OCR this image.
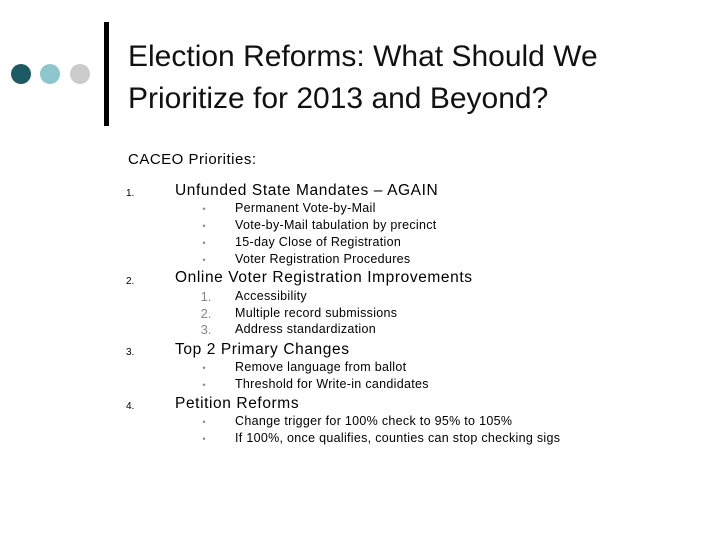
Election Reforms: What Should We Prioritize for 2013 and Beyond?
CACEO Priorities:
1.	Unfunded State Mandates – AGAIN
•	Permanent Vote-by-Mail
•	Vote-by-Mail tabulation by precinct
•	15-day Close of Registration
•	Voter Registration Procedures
2.	Online Voter Registration Improvements
1.	Accessibility
2.	Multiple record submissions
3.	Address standardization
3.	Top 2 Primary Changes
•	Remove language from ballot
•	Threshold for Write-in candidates
4.	Petition Reforms
•	Change trigger for 100% check to 95% to 105%
•	If 100%, once qualifies, counties can stop checking sigs
